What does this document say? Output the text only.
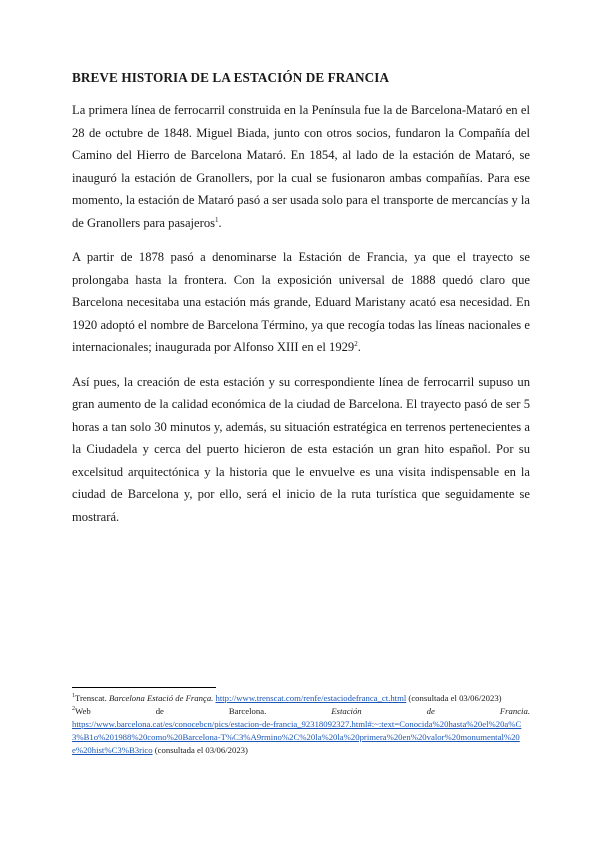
BREVE HISTORIA DE LA ESTACIÓN DE FRANCIA

La primera línea de ferrocarril construida en la Península fue la de Barcelona-Mataró en el 28 de octubre de 1848. Miguel Biada, junto con otros socios, fundaron la Compañía del Camino del Hierro de Barcelona Mataró. En 1854, al lado de la estación de Mataró, se inauguró la estación de Granollers, por la cual se fusionaron ambas compañías. Para ese momento, la estación de Mataró pasó a ser usada solo para el transporte de mercancías y la de Granollers para pasajeros$^1$.

A partir de 1878 pasó a denominarse la Estación de Francia, ya que el trayecto se prolongaba hasta la frontera. Con la exposición universal de 1888 quedó claro que Barcelona necesitaba una estación más grande, Eduard Maristany acató esa necesidad. En 1920 adoptó el nombre de Barcelona Término, ya que recogía todas las líneas nacionales e internacionales; inaugurada por Alfonso XIII en el 1929$^2$.

Así pues, la creación de esta estación y su correspondiente línea de ferrocarril supuso un gran aumento de la calidad económica de la ciudad de Barcelona. El trayecto pasó de ser 5 horas a tan solo 30 minutos y, además, su situación estratégica en terrenos pertenecientes a la Ciudadela y cerca del puerto hicieron de esta estación un gran hito español. Por su excelsitud arquitectónica y la historia que le envuelve es una visita indispensable en la ciudad de Barcelona y, por ello, será el inicio de la ruta turística que seguidamente se mostrará.

$^1$Trenscat. Barcelona Estació de França. http://www.trenscat.com/renfe/estaciodefranca_ct.html (consultada el 03/06/2023)

$^2$Web	de	Barcelona.	Estación	de	Francia.
https://www.barcelona.cat/es/conocebcn/pics/estacion-de-francia_92318092327.html#:~:text=Conocida%20hasta%20el%20a%C3%B1o%201988%20como%20Barcelona-T%C3%A9rmino%2C%20la%20la%20primera%20en%20valor%20monumental%20e%20hist%C3%B3rico (consultada el 03/06/2023)
